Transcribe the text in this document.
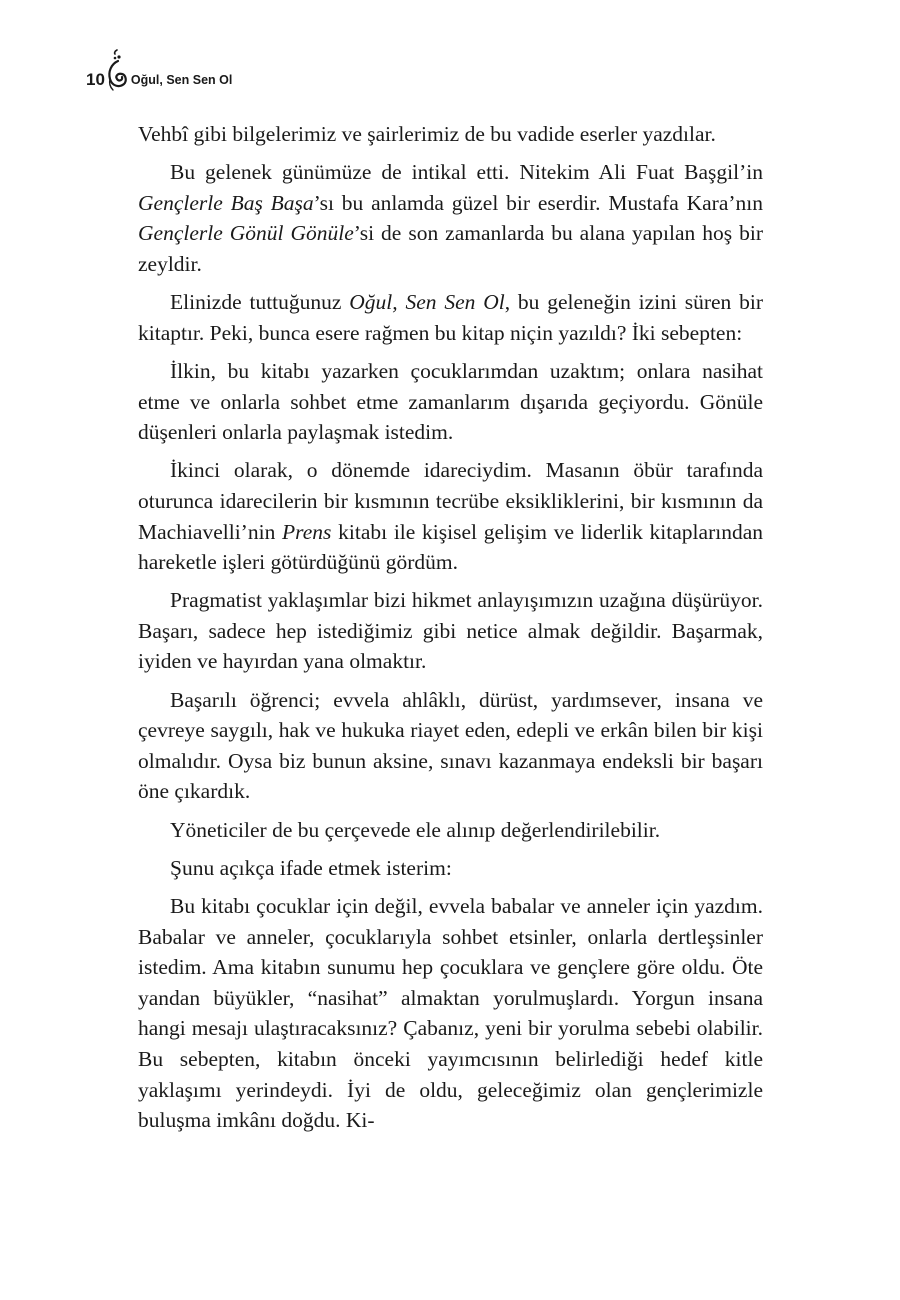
10 Oğul, Sen Sen Ol

Vehbî gibi bilgelerimiz ve şairlerimiz de bu vadide eserler yazdılar.

Bu gelenek günümüze de intikal etti. Nitekim Ali Fuat Başgil’in Gençlerle Baş Başa’sı bu anlamda güzel bir eserdir. Mustafa Kara’nın Gençlerle Gönül Gönüle’si de son zamanlarda bu alana yapılan hoş bir zeyldir.

Elinizde tuttuğunuz Oğul, Sen Sen Ol, bu geleneğin izini süren bir kitaptır. Peki, bunca esere rağmen bu kitap niçin yazıldı? İki sebepten:

İlkin, bu kitabı yazarken çocuklarımdan uzaktım; onlara nasihat etme ve onlarla sohbet etme zamanlarım dışarıda geçiyordu. Gönüle düşenleri onlarla paylaşmak istedim.

İkinci olarak, o dönemde idareciydim. Masanın öbür tarafında oturunca idarecilerin bir kısmının tecrübe eksikliklerini, bir kısmının da Machiavelli’nin Prens kitabı ile kişisel gelişim ve liderlik kitaplarından hareketle işleri götürdüğünü gördüm.

Pragmatist yaklaşımlar bizi hikmet anlayışımızın uzağına düşürüyor. Başarı, sadece hep istediğimiz gibi netice almak değildir. Başarmak, iyiden ve hayırdan yana olmaktır.

Başarılı öğrenci; evvela ahlâklı, dürüst, yardımsever, insana ve çevreye saygılı, hak ve hukuka riayet eden, edepli ve erkân bilen bir kişi olmalıdır. Oysa biz bunun aksine, sınavı kazanmaya endeksli bir başarı öne çıkardık.

Yöneticiler de bu çerçevede ele alınıp değerlendirilebilir.

Şunu açıkça ifade etmek isterim:

Bu kitabı çocuklar için değil, evvela babalar ve anneler için yazdım. Babalar ve anneler, çocuklarıyla sohbet etsinler, onlarla dertleşsinler istedim. Ama kitabın sunumu hep çocuklara ve gençlere göre oldu. Öte yandan büyükler, “nasihat” almaktan yorulmuşlardı. Yorgun insana hangi mesajı ulaştıracaksınız? Çabanız, yeni bir yorulma sebebi olabilir. Bu sebepten, kitabın önceki yayımcısının belirlediği hedef kitle yaklaşımı yerindeydi. İyi de oldu, geleceğimiz olan gençlerimizle buluşma imkânı doğdu. Ki-
